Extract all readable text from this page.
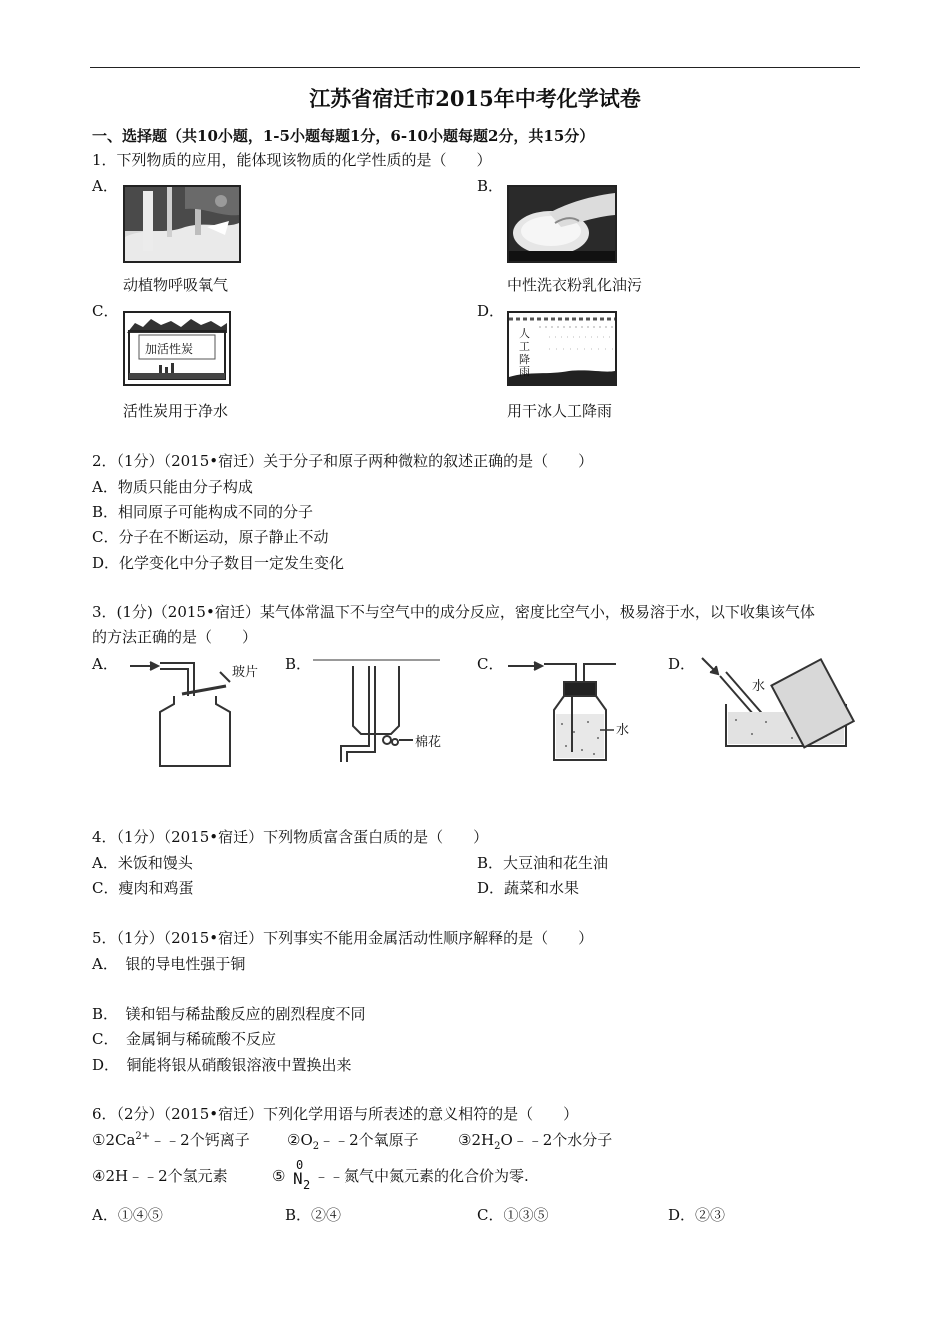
江苏省宿迁市2015年中考化学试卷
一、选择题（共10小题，1-5小题每题1分，6-10小题每题2分，共15分）
1．下列物质的应用，能体现该物质的化学性质的是（　　）
A．
动植物呼吸氧气
B．
中性洗衣粉乳化油污
C．
加活性炭
活性炭用于净水
D．
人
工
降
雨
用干冰人工降雨
2．（1分）（2015•宿迁）关于分子和原子两种微粒的叙述正确的是（　　）
A．物质只能由分子构成
B．相同原子可能构成不同的分子
C．分子在不断运动，原子静止不动
D．化学变化中分子数目一定发生变化
3．(1分)（2015•宿迁）某气体常温下不与空气中的成分反应，密度比空气小，极易溶于水，以下收集该气体
的方法正确的是（　　）
A．	玻片 B．
棉花
C．
水
D．
水
4．（1分）（2015•宿迁）下列物质富含蛋白质的是（　　）
A．米饭和馒头	B．大豆油和花生油
C．瘦肉和鸡蛋	D．蔬菜和水果
5．（1分）（2015•宿迁）下列事实不能用金属活动性顺序解释的是（　　）
A．　银的导电性强于铜
B．　镁和铝与稀盐酸反应的剧烈程度不同
C．　金属铜与稀硫酸不反应
D．　铜能将银从硝酸银溶液中置换出来
6．（2分）（2015•宿迁）下列化学用语与所表述的意义相符的是（　　）
$①2Ca^{2+}﹣﹣2$个钙离子 $②O_2﹣﹣2$个氧原子	$③2H_2O﹣﹣2$个水分子
④2H﹣﹣2个氢元素	⑤
0
N 2 ﹣﹣氮气中氮元素的化合价为零.
A．①④⑤	B．②④	C．①③⑤	D．②③
